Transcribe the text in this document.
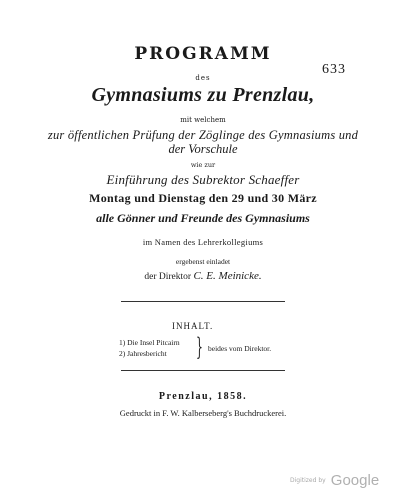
PROGRAMM
633
des
Gymnasiums zu Prenzlau,
mit welchem
zur öffentlichen Prüfung der Zöglinge des Gymnasiums und
der Vorschule
wie zur
Einführung des Subrektor Schaeffer
Montag und Dienstag den 29 und 30 März
alle Gönner und Freunde des Gymnasiums
im Namen des Lehrerkollegiums
ergebenst einladet
der Direktor C. E. Meinicke.
INHALT.
1) Die Insel Pitcairn
2) Jahresbericht } beides vom Direktor.
Prenzlau, 1858.
Gedruckt in F. W. Kalberseberg's Buchdruckerei.
Digitized by Google
